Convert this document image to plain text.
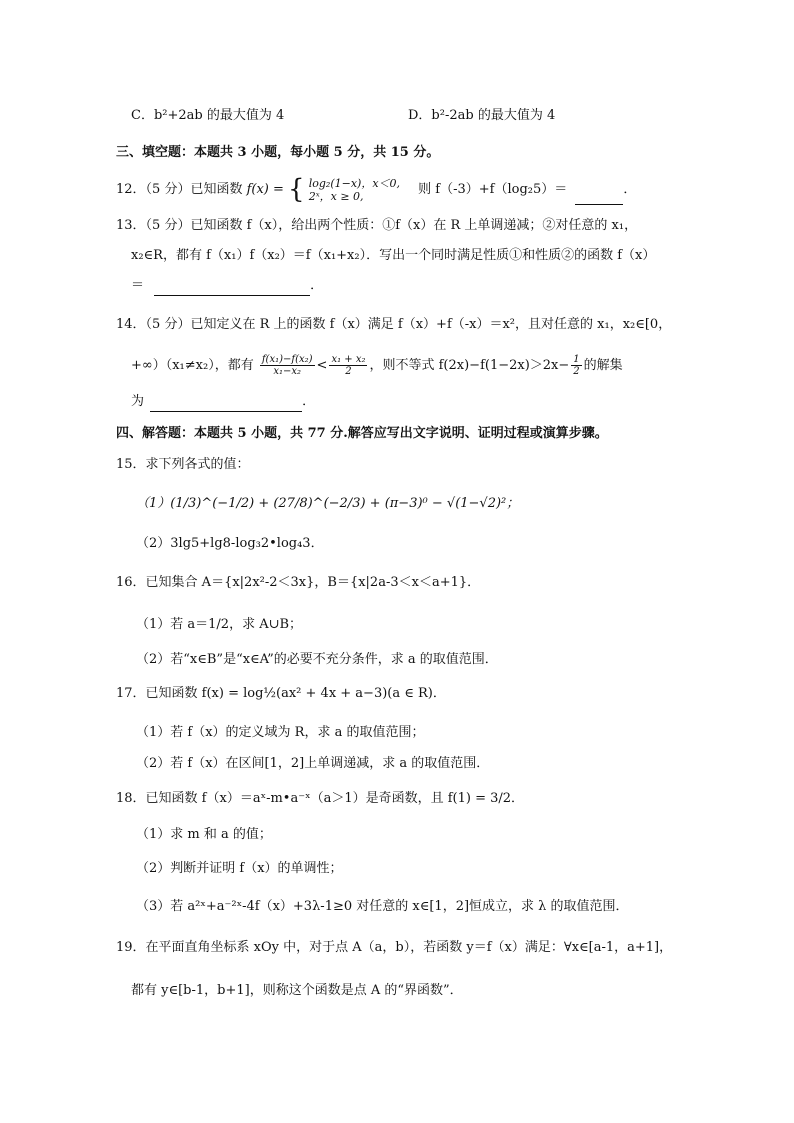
C．b²+2ab 的最大值为 4	D．b²-2ab 的最大值为 4
三、填空题：本题共 3 小题，每小题 5 分，共 15 分。
12．（5 分）已知函数 f(x) = { log₂(1−x)，x＜0,
2ˣ，x ≥ 0,	则 f（-3）+f（log₂5）＝	．
13．（5 分）已知函数 f（x），给出两个性质：①f（x）在 R 上单调递减；②对任意的 x₁，
x₂∈R，都有 f（x₁）f（x₂）＝f（x₁+x₂）．写出一个同时满足性质①和性质②的函数 f（x）
＝	．
14．（5 分）已知定义在 R 上的函数 f（x）满足 f（x）+f（-x）＝x²，且对任意的 x₁，x₂∈[0，
+∞）（x₁≠x₂），都有 $\frac{\text{f(x₁)−f(x₂)}}{\text{x₁−x₂}} < \frac{\text{x₁ + x₂}}{2}$ ，则不等式 $f(2x)-f(1-2x)>2x- \frac{1}{2}$ 的解集
为	．
四、解答题：本题共 5 小题，共 77 分.解答应写出文字说明、证明过程或演算步骤。
15．求下列各式的值：
（1）(1/3)^(−1/2) + (27/8)^(−2/3) + (π−3)⁰ − √(1−√2)²；
（2）3lg5+lg8-log₃2•log₄3．
16．已知集合 A＝{x|2x²-2＜3x}，B＝{x|2a-3＜x＜a+1}．
（1）若 a＝1/2，求 A∪B；
（2）若“x∈B”是“x∈A”的必要不充分条件，求 a 的取值范围．
17．已知函数 f(x) = log½(ax² + 4x + a−3)(a ∈ R)．
（1）若 f（x）的定义域为 R，求 a 的取值范围；
（2）若 f（x）在区间[1，2]上单调递减，求 a 的取值范围．
18．已知函数 f（x）＝aˣ-m•a⁻ˣ（a＞1）是奇函数，且 f(1) = 3/2．
（1）求 m 和 a 的值；
（2）判断并证明 f（x）的单调性；
（3）若 a²ˣ+a⁻²ˣ-4f（x）+3λ-1≥0 对任意的 x∈[1，2]恒成立，求 λ 的取值范围．
19．在平面直角坐标系 xOy 中，对于点 A（a，b），若函数 y＝f（x）满足：∀x∈[a-1，a+1]，
都有 y∈[b-1，b+1]，则称这个函数是点 A 的“界函数”．
